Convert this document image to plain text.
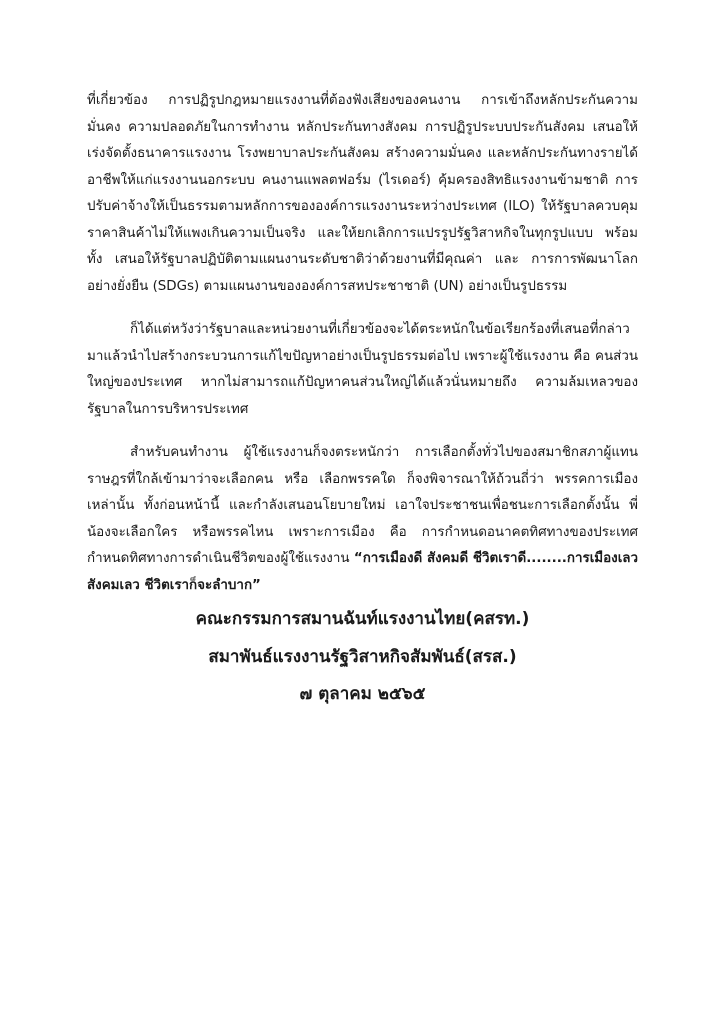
ที่เกี่ยวข้อง การปฏิรูปกฎหมายแรงงานที่ต้องฟังเสียงของคนงาน การเข้าถึงหลักประกันความ
มั่นคง ความปลอดภัยในการทำงาน หลักประกันทางสังคม การปฏิรูประบบประกันสังคม เสนอให้
เร่งจัดตั้งธนาคารแรงงาน โรงพยาบาลประกันสังคม สร้างความมั่นคง และหลักประกันทางรายได้
อาชีพให้แก่แรงงานนอกระบบ คนงานแพลตฟอร์ม (ไรเดอร์) คุ้มครองสิทธิแรงงานข้ามชาติ การ
ปรับค่าจ้างให้เป็นธรรมตามหลักการขององค์การแรงงานระหว่างประเทศ (ILO) ให้รัฐบาลควบคุม
ราคาสินค้าไม่ให้แพงเกินความเป็นจริง และให้ยกเลิกการแปรรูปรัฐวิสาหกิจในทุกรูปแบบ พร้อม
ทั้ง เสนอให้รัฐบาลปฏิบัติตามแผนงานระดับชาติว่าด้วยงานที่มีคุณค่า และ การการพัฒนาโลก
อย่างยั่งยืน (SDGs) ตามแผนงานขององค์การสหประชาชาติ (UN) อย่างเป็นรูปธรรม
ก็ได้แต่หวังว่ารัฐบาลและหน่วยงานที่เกี่ยวข้องจะได้ตระหนักในข้อเรียกร้องที่เสนอที่กล่าว
มาแล้วนำไปสร้างกระบวนการแก้ไขปัญหาอย่างเป็นรูปธรรมต่อไป เพราะผู้ใช้แรงงาน คือ คนส่วน
ใหญ่ของประเทศ หากไม่สามารถแก้ปัญหาคนส่วนใหญ่ได้แล้วนั่นหมายถึง ความล้มเหลวของ
รัฐบาลในการบริหารประเทศ
สำหรับคนทำงาน ผู้ใช้แรงงานก็จงตระหนักว่า การเลือกตั้งทั่วไปของสมาชิกสภาผู้แทน
ราษฎรที่ใกล้เข้ามาว่าจะเลือกคน หรือ เลือกพรรคใด ก็จงพิจารณาให้ถ้วนถี่ว่า พรรคการเมือง
เหล่านั้น ทั้งก่อนหน้านี้ และกำลังเสนอนโยบายใหม่ เอาใจประชาชนเพื่อชนะการเลือกตั้งนั้น พี่
น้องจะเลือกใคร หรือพรรคไหน เพราะการเมือง คือ การกำหนดอนาคตทิศทางของประเทศ
กำหนดทิศทางการดำเนินชีวิตของผู้ใช้แรงงาน “การเมืองดี สังคมดี ชีวิตเราดี........การเมืองเลว
สังคมเลว ชีวิตเราก็จะลำบาก”
คณะกรรมการสมานฉันท์แรงงานไทย(คสรท.)
สมาพันธ์แรงงานรัฐวิสาหกิจสัมพันธ์(สรส.)
๗ ตุลาคม ๒๕๖๕
